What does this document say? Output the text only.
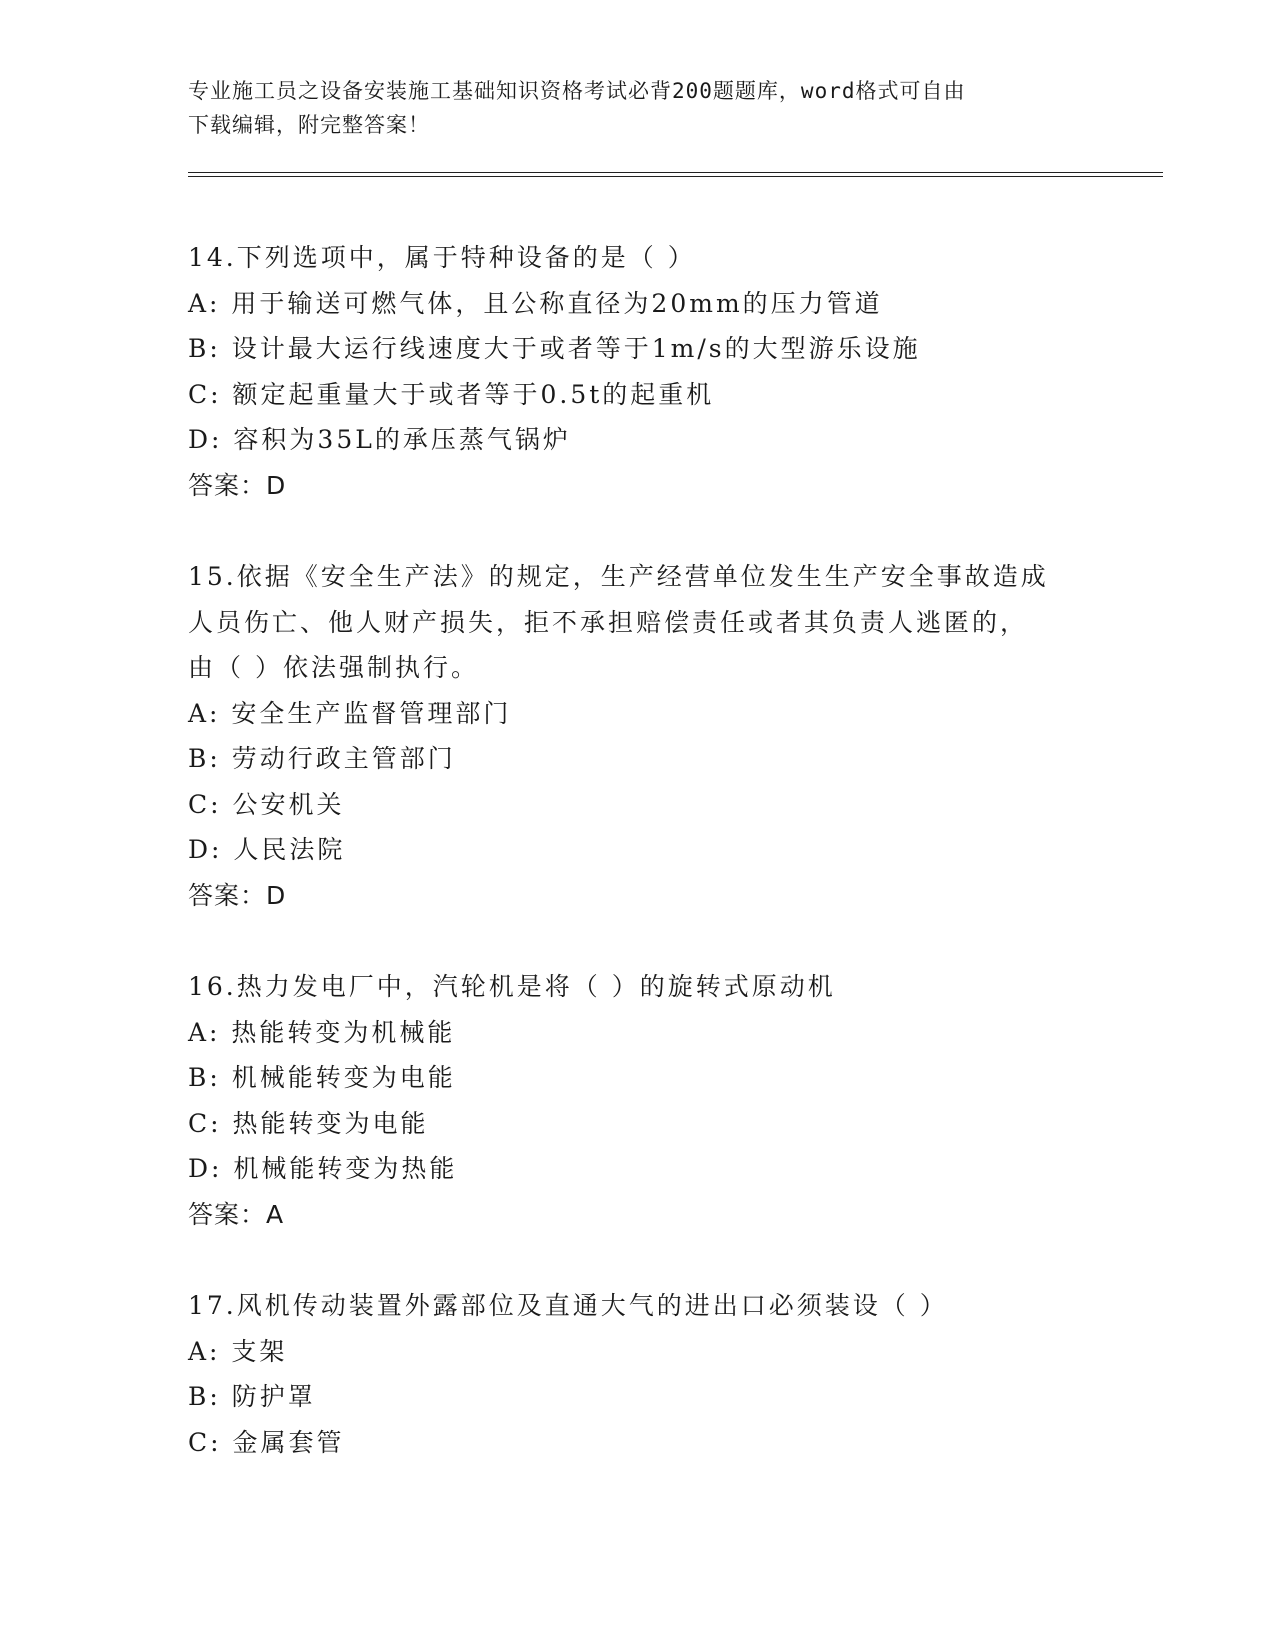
专业施工员之设备安装施工基础知识资格考试必背200题题库，word格式可自由
下载编辑，附完整答案！
14.下列选项中，属于特种设备的是（ ）
A: 用于输送可燃气体，且公称直径为20mm的压力管道
B: 设计最大运行线速度大于或者等于1m/s的大型游乐设施
C: 额定起重量大于或者等于0.5t的起重机
D: 容积为35L的承压蒸气锅炉
答案：D
15.依据《安全生产法》的规定，生产经营单位发生生产安全事故造成
人员伤亡、他人财产损失，拒不承担赔偿责任或者其负责人逃匿的，
由（ ）依法强制执行。
A: 安全生产监督管理部门
B: 劳动行政主管部门
C: 公安机关
D: 人民法院
答案：D
16.热力发电厂中，汽轮机是将（ ）的旋转式原动机
A: 热能转变为机械能
B: 机械能转变为电能
C: 热能转变为电能
D: 机械能转变为热能
答案：A
17.风机传动装置外露部位及直通大气的进出口必须装设（ ）
A: 支架
B: 防护罩
C: 金属套管
